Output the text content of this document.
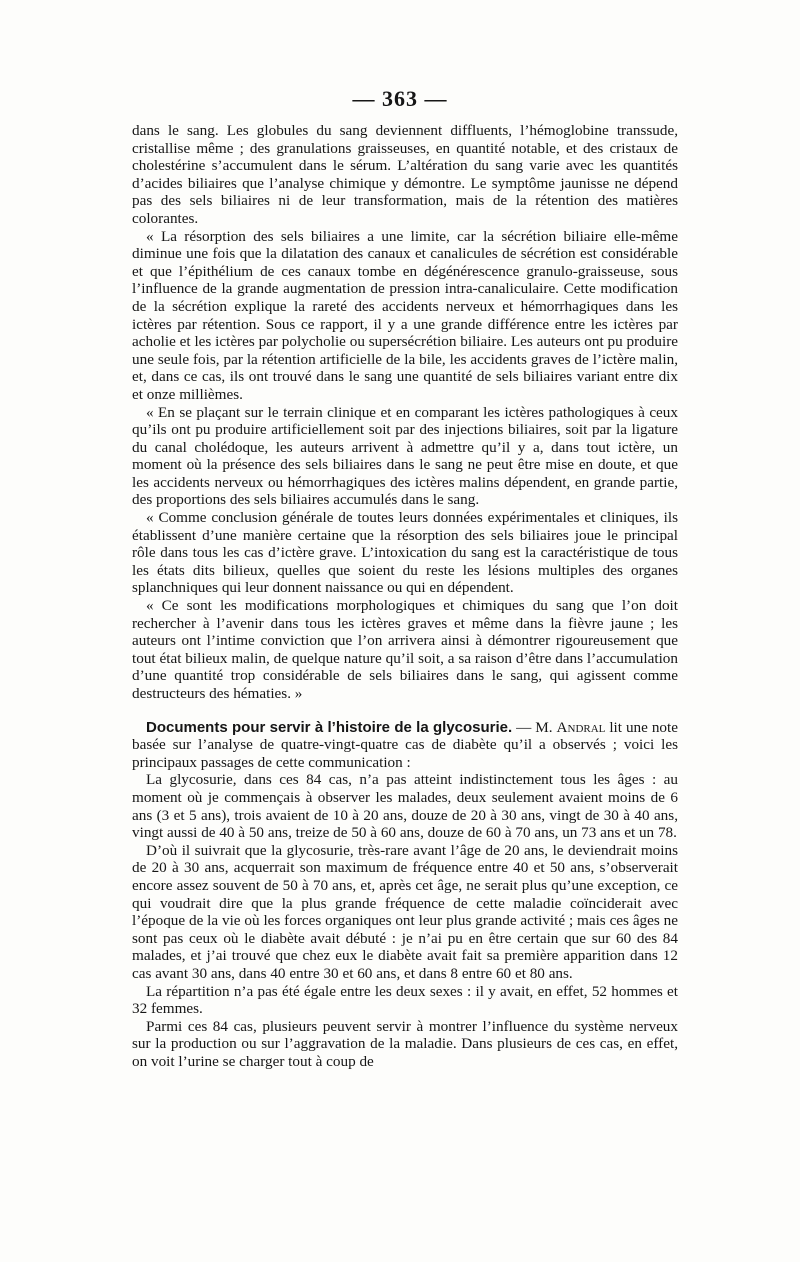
— 363 —

dans le sang. Les globules du sang deviennent diffluents, l’hémoglobine transsude, cristallise même ; des granulations graisseuses, en quantité notable, et des cristaux de cholestérine s’accumulent dans le sérum. L’altération du sang varie avec les quantités d’acides biliaires que l’analyse chimique y démontre. Le symptôme jaunisse ne dépend pas des sels biliaires ni de leur transformation, mais de la rétention des matières colorantes.

« La résorption des sels biliaires a une limite, car la sécrétion biliaire elle-même diminue une fois que la dilatation des canaux et canalicules de sécrétion est considérable et que l’épithélium de ces canaux tombe en dégénérescence granulo-graisseuse, sous l’influence de la grande augmentation de pression intra-canaliculaire. Cette modification de la sécrétion explique la rareté des accidents nerveux et hémorrhagiques dans les ictères par rétention. Sous ce rapport, il y a une grande différence entre les ictères par acholie et les ictères par polycholie ou supersécrétion biliaire. Les auteurs ont pu produire une seule fois, par la rétention artificielle de la bile, les accidents graves de l’ictère malin, et, dans ce cas, ils ont trouvé dans le sang une quantité de sels biliaires variant entre dix et onze millièmes.

« En se plaçant sur le terrain clinique et en comparant les ictères pathologiques à ceux qu’ils ont pu produire artificiellement soit par des injections biliaires, soit par la ligature du canal cholédoque, les auteurs arrivent à admettre qu’il y a, dans tout ictère, un moment où la présence des sels biliaires dans le sang ne peut être mise en doute, et que les accidents nerveux ou hémorrhagiques des ictères malins dépendent, en grande partie, des proportions des sels biliaires accumulés dans le sang.

« Comme conclusion générale de toutes leurs données expérimentales et cliniques, ils établissent d’une manière certaine que la résorption des sels biliaires joue le principal rôle dans tous les cas d’ictère grave. L’intoxication du sang est la caractéristique de tous les états dits bilieux, quelles que soient du reste les lésions multiples des organes splanchniques qui leur donnent naissance ou qui en dépendent.

« Ce sont les modifications morphologiques et chimiques du sang que l’on doit rechercher à l’avenir dans tous les ictères graves et même dans la fièvre jaune ; les auteurs ont l’intime conviction que l’on arrivera ainsi à démontrer rigoureusement que tout état bilieux malin, de quelque nature qu’il soit, a sa raison d’être dans l’accumulation d’une quantité trop considérable de sels biliaires dans le sang, qui agissent comme destructeurs des hématies. »

Documents pour servir à l’histoire de la glycosurie. — M. Andral lit une note basée sur l’analyse de quatre-vingt-quatre cas de diabète qu’il a observés ; voici les principaux passages de cette communication :

La glycosurie, dans ces 84 cas, n’a pas atteint indistinctement tous les âges : au moment où je commençais à observer les malades, deux seulement avaient moins de 6 ans (3 et 5 ans), trois avaient de 10 à 20 ans, douze de 20 à 30 ans, vingt de 30 à 40 ans, vingt aussi de 40 à 50 ans, treize de 50 à 60 ans, douze de 60 à 70 ans, un 73 ans et un 78.

D’où il suivrait que la glycosurie, très-rare avant l’âge de 20 ans, le deviendrait moins de 20 à 30 ans, acquerrait son maximum de fréquence entre 40 et 50 ans, s’observerait encore assez souvent de 50 à 70 ans, et, après cet âge, ne serait plus qu’une exception, ce qui voudrait dire que la plus grande fréquence de cette maladie coïnciderait avec l’époque de la vie où les forces organiques ont leur plus grande activité ; mais ces âges ne sont pas ceux où le diabète avait débuté : je n’ai pu en être certain que sur 60 des 84 malades, et j’ai trouvé que chez eux le diabète avait fait sa première apparition dans 12 cas avant 30 ans, dans 40 entre 30 et 60 ans, et dans 8 entre 60 et 80 ans.

La répartition n’a pas été égale entre les deux sexes : il y avait, en effet, 52 hommes et 32 femmes.

Parmi ces 84 cas, plusieurs peuvent servir à montrer l’influence du système nerveux sur la production ou sur l’aggravation de la maladie. Dans plusieurs de ces cas, en effet, on voit l’urine se charger tout à coup de
